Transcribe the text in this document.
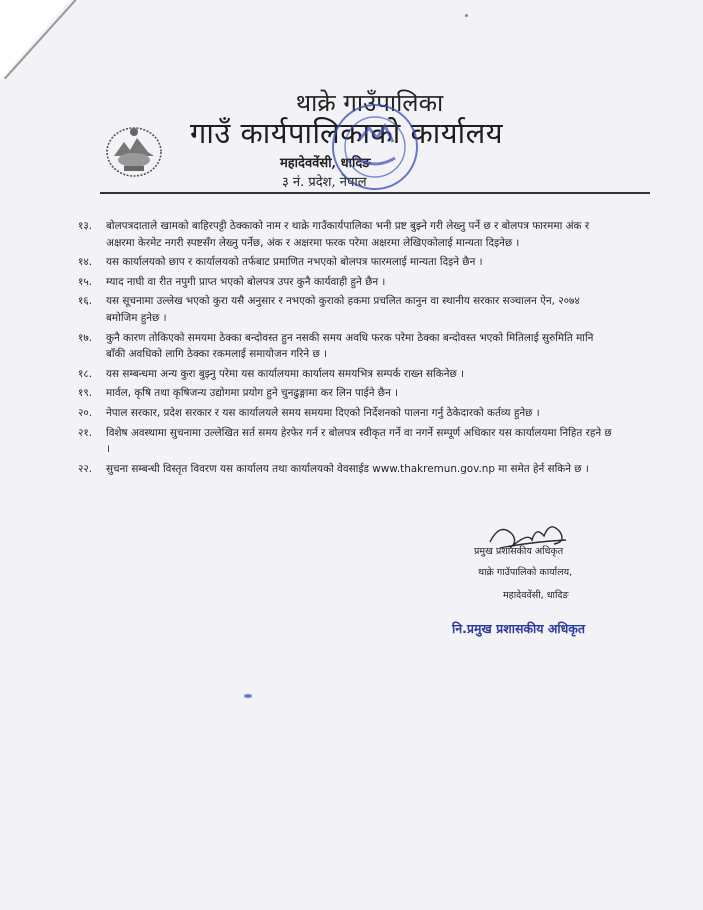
थाक्रे गाउँपालिका
गाउँ कार्यपालिकाको कार्यालय
महादेववेंसी, धादिङ
३ नं. प्रदेश, नेपाल
१३. बोलपत्रदाताले खामको बाहिरपट्टी ठेक्काको नाम र थाक्रे गाउँकार्यपालिका भनी प्रष्ट बुझ्ने गरी लेख्नु पर्ने छ र बोलपत्र फारममा अंक र अक्षरमा केरमेट नगरी स्पष्टसँग लेख्नु पर्नेछ, अंक र अक्षरमा फरक परेमा अक्षरमा लेखिएकोलाई मान्यता दिइनेछ ।
१४. यस कार्यालयको छाप र कार्यालयको तर्फबाट प्रमाणित नभएको बोलपत्र फारमलाई मान्यता दिइने छैन ।
१५. म्याद नाघी वा रीत नपुगी प्राप्त भएको बोलपत्र उपर कुनै कार्यवाही हुने छैन ।
१६. यस सूचनामा उल्लेख भएको कुरा यसै अनुसार र नभएको कुराको हकमा प्रचलित कानुन वा स्थानीय सरकार सञ्चालन ऐन, २०७४ बमोजिम हुनेछ ।
१७. कुनै कारण तोकिएको समयमा ठेक्का बन्दोवस्त हुन नसकी समय अवधि फरक परेमा ठेक्का बन्दोवस्त भएको मितिलाई सुरुमिति मानि बाँकी अवधिको लागि ठेक्का रकमलाई समायोजन गरिने छ ।
१८. यस सम्बन्धमा अन्य कुरा बुझ्नु परेमा यस कार्यालयमा कार्यालय समयभित्र सम्पर्क राख्न सकिनेछ ।
१९. मार्वल, कृषि तथा कृषिजन्य उद्योगमा प्रयोग हुने चुनढुङ्गामा कर लिन पाईने छैन ।
२०. नेपाल सरकार, प्रदेश सरकार र यस कार्यालयले समय समयमा दिएको निर्देशनको पालना गर्नु ठेकेदारको कर्तव्य हुनेछ ।
२१. विशेष अवस्थामा सुचनामा उल्लेखित सर्त समय हेरफेर गर्न र बोलपत्र स्वीकृत गर्ने वा नगर्ने सम्पूर्ण अधिकार यस कार्यालयमा निहित रहने छ ।
२२. सुचना सम्बन्धी विस्तृत विवरण यस कार्यालय तथा कार्यालयको वेवसाईड www.thakremun.gov.np मा समेत हेर्न सकिने छ ।
प्रमुख प्रशासकीय अधिकृत
थाक्रे गाउँपालिको कार्यालय,
महादेववेंसी, धादिङ
नि.प्रमुख प्रशासकीय अधिकृत
